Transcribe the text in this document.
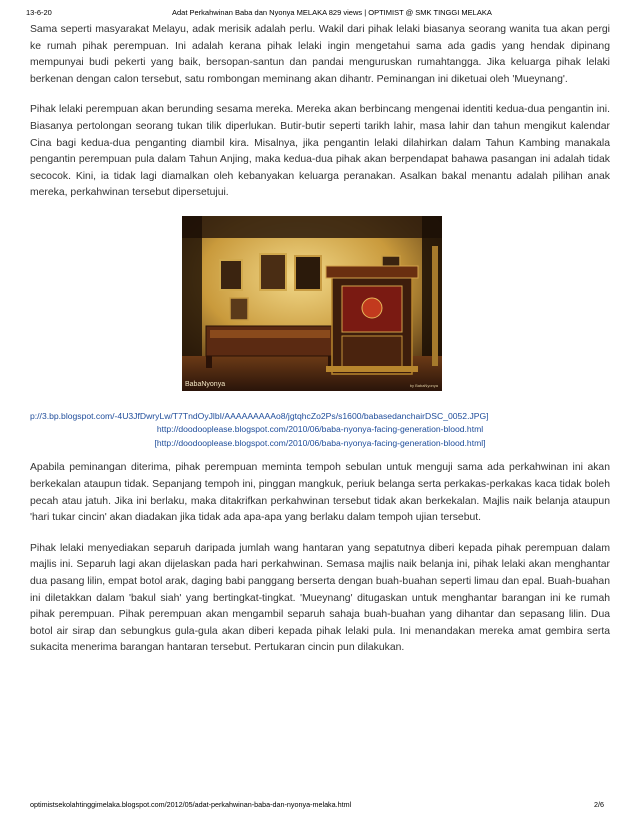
13-6-20	Adat Perkahwinan Baba dan Nyonya MELAKA 829 views | OPTIMIST @ SMK TINGGI MELAKA

Sama seperti masyarakat Melayu, adak merisik adalah perlu. Wakil dari pihak lelaki biasanya seorang wanita tua akan pergi ke rumah pihak perempuan. Ini adalah kerana pihak lelaki ingin mengetahui sama ada gadis yang hendak dipinang mempunyai budi pekerti yang baik, bersopan-santun dan pandai menguruskan rumahtangga. Jika keluarga pihak lelaki berkenan dengan calon tersebut, satu rombongan meminang akan dihantr. Peminangan ini diketuai oleh 'Mueynang'.

Pihak lelaki perempuan akan berunding sesama mereka. Mereka akan berbincang mengenai identiti kedua-dua pengantin ini. Biasanya pertolongan seorang tukan tilik diperlukan. Butir-butir seperti tarikh lahir, masa lahir dan tahun mengikut kalendar Cina bagi kedua-dua penganting diambil kira. Misalnya, jika pengantin lelaki dilahirkan dalam Tahun Kambing manakala pengantin perempuan pula dalam Tahun Anjing, maka kedua-dua pihak akan berpendapat bahawa pasangan ini adalah tidak secocok. Kini, ia tidak lagi diamalkan oleh kebanyakan keluarga peranakan. Asalkan bakal menantu adalah pilihan anak mereka, perkahwinan tersebut dipersetujui.

BabaNyonya	by BabaNyonya
p://3.bp.blogspot.com/-4U3JfDwryLw/T7TndOyJlbI/AAAAAAAAAo8/jgtqhcZo2Ps/s1600/babasedanchairDSC_0052.JPG]
http://doodooplease.blogspot.com/2010/06/baba-nyonya-facing-generation-blood.html
[http://doodooplease.blogspot.com/2010/06/baba-nyonya-facing-generation-blood.html]

Apabila peminangan diterima, pihak perempuan meminta tempoh sebulan untuk menguji sama ada perkahwinan ini akan berkekalan ataupun tidak. Sepanjang tempoh ini, pinggan mangkuk, periuk belanga serta perkakas-perkakas kaca tidak boleh pecah atau jatuh. Jika ini berlaku, maka ditakrifkan perkahwinan tersebut tidak akan berkekalan. Majlis naik belanja ataupun 'hari tukar cincin' akan diadakan jika tidak ada apa-apa yang berlaku dalam tempoh ujian tersebut.

Pihak lelaki menyediakan separuh daripada jumlah wang hantaran yang sepatutnya diberi kepada pihak perempuan dalam majlis ini. Separuh lagi akan dijelaskan pada hari perkahwinan. Semasa majlis naik belanja ini, pihak lelaki akan menghantar dua pasang lilin, empat botol arak, daging babi panggang berserta dengan buah-buahan seperti limau dan epal. Buah-buahan ini diletakkan dalam 'bakul siah' yang bertingkat-tingkat. 'Mueynang' ditugaskan untuk menghantar barangan ini ke rumah pihak perempuan. Pihak perempuan akan mengambil separuh sahaja buah-buahan yang dihantar dan sepasang lilin. Dua botol air sirap dan sebungkus gula-gula akan diberi kepada pihak lelaki pula. Ini menandakan mereka amat gembira serta sukacita menerima barangan hantaran tersebut. Pertukaran cincin pun dilakukan.

optimistsekolahtinggimelaka.blogspot.com/2012/05/adat-perkahwinan-baba-dan-nyonya-melaka.html	2/6
